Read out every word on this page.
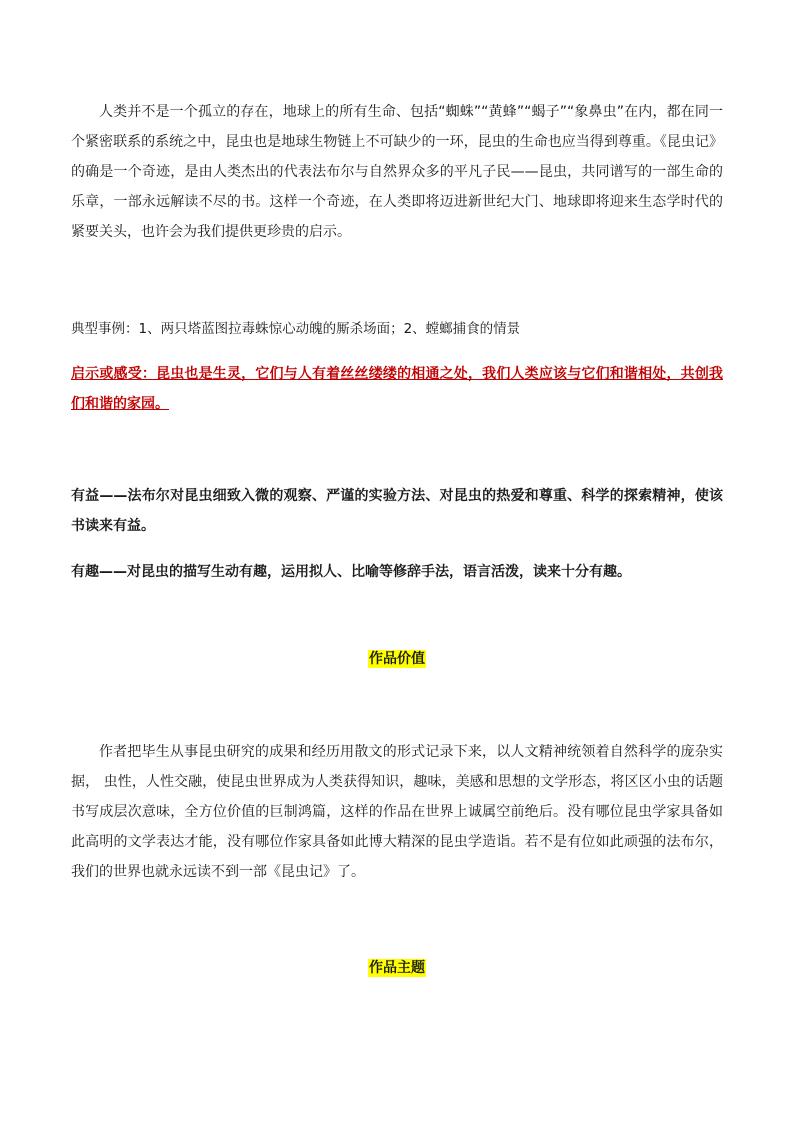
人类并不是一个孤立的存在，地球上的所有生命、包括“蜘蛛”“黄蜂”“蝎子”“象鼻虫”在内，都在同一个紧密联系的系统之中，昆虫也是地球生物链上不可缺少的一环，昆虫的生命也应当得到尊重。《昆虫记》的确是一个奇迹，是由人类杰出的代表法布尔与自然界众多的平凡子民——昆虫，共同谱写的一部生命的乐章，一部永远解读不尽的书。这样一个奇迹，在人类即将迈进新世纪大门、地球即将迎来生态学时代的紧要关头，也许会为我们提供更珍贵的启示。

典型事例：1、两只塔蓝图拉毒蛛惊心动魄的厮杀场面；2、螳螂捕食的情景

启示或感受：昆虫也是生灵，它们与人有着丝丝缕缕的相通之处，我们人类应该与它们和谐相处，共创我们和谐的家园。

有益——法布尔对昆虫细致入微的观察、严谨的实验方法、对昆虫的热爱和尊重、科学的探索精神，使该书读来有益。

有趣——对昆虫的描写生动有趣，运用拟人、比喻等修辞手法，语言活泼，读来十分有趣。

作品价值

作者把毕生从事昆虫研究的成果和经历用散文的形式记录下来，以人文精神统领着自然科学的庞杂实据， 虫性，人性交融，使昆虫世界成为人类获得知识，趣味，美感和思想的文学形态，将区区小虫的话题书写成层次意味，全方位价值的巨制鸿篇，这样的作品在世界上诚属空前绝后。没有哪位昆虫学家具备如此高明的文学表达才能，没有哪位作家具备如此博大精深的昆虫学造诣。若不是有位如此顽强的法布尔，我们的世界也就永远读不到一部《昆虫记》了。

作品主题
